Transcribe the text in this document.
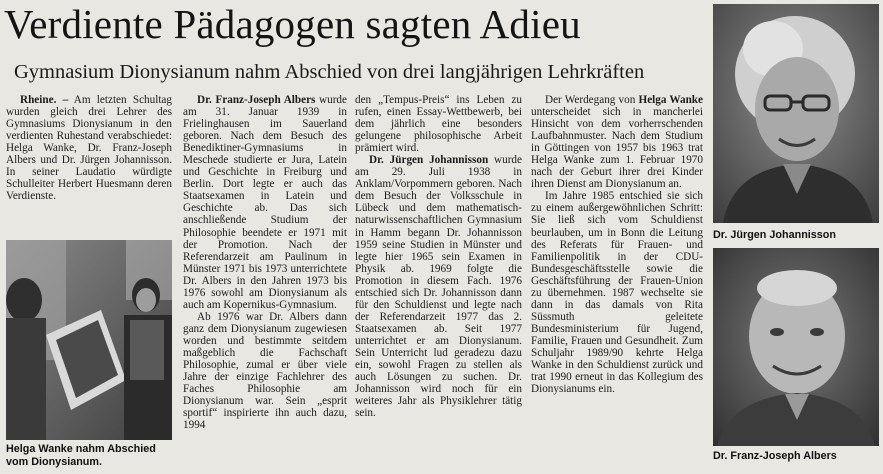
Verdiente Pädagogen sagten Adieu
Gymnasium Dionysianum nahm Abschied von drei langjährigen Lehrkräften

Rheine. – Am letzten Schultag wurden gleich drei Lehrer des Gymnasiums Dionysianum in den verdienten Ruhestand verabschiedet: Helga Wanke, Dr. Franz-Joseph Albers und Dr. Jürgen Johannisson. In seiner Laudatio würdigte Schulleiter Herbert Huesmann deren Verdienste.

Helga Wanke nahm Abschied vom Dionysianum.

Dr. Franz-Joseph Albers wurde am 31. Januar 1939 in Frielinghausen im Sauerland geboren. Nach dem Besuch des Benediktiner-Gymnasiums in Meschede studierte er Jura, Latein und Geschichte in Freiburg und Berlin. Dort legte er auch das Staatsexamen in Latein und Geschichte ab. Das sich anschließende Studium der Philosophie beendete er 1971 mit der Promotion. Nach der Referendarzeit am Paulinum in Münster 1971 bis 1973 unterrichtete Dr. Albers in den Jahren 1973 bis 1976 sowohl am Dionysianum als auch am Kopernikus-Gymnasium.

Ab 1976 war Dr. Albers dann ganz dem Dionysianum zugewiesen worden und bestimmte seitdem maßgeblich die Fachschaft Philosophie, zumal er über viele Jahre der einzige Fachlehrer des Faches Philosophie am Dionysianum war. Sein „esprit sportif“ inspirierte ihn auch dazu, 1994

den „Tempus-Preis“ ins Leben zu rufen, einen Essay-Wettbewerb, bei dem jährlich eine besonders gelungene philosophische Arbeit prämiert wird.

Dr. Jürgen Johannisson wurde am 29. Juli 1938 in Anklam/Vorpommern geboren. Nach dem Besuch der Volksschule in Lübeck und dem mathematisch-naturwissenschaftlichen Gymnasium in Hamm begann Dr. Johannisson 1959 seine Studien in Münster und legte hier 1965 sein Examen in Physik ab. 1969 folgte die Promotion in diesem Fach. 1976 entschied sich Dr. Johannisson dann für den Schuldienst und legte nach der Referendarzeit 1977 das 2. Staatsexamen ab. Seit 1977 unterrichtet er am Dionysianum. Sein Unterricht lud geradezu dazu ein, sowohl Fragen zu stellen als auch Lösungen zu suchen. Dr. Johannisson wird noch für ein weiteres Jahr als Physiklehrer tätig sein.

Der Werdegang von Helga Wanke unterscheidet sich in mancherlei Hinsicht von dem vorherrschenden Laufbahnmuster. Nach dem Studium in Göttingen von 1957 bis 1963 trat Helga Wanke zum 1. Februar 1970 nach der Geburt ihrer drei Kinder ihren Dienst am Dionysianum an.

Im Jahre 1985 entschied sie sich zu einem außergewöhnlichen Schritt: Sie ließ sich vom Schuldienst beurlauben, um in Bonn die Leitung des Referats für Frauen- und Familienpolitik in der CDU-Bundesgeschäftsstelle sowie die Geschäftsführung der Frauen-Union zu übernehmen. 1987 wechselte sie dann in das damals von Rita Süssmuth geleitete Bundesministerium für Jugend, Familie, Frauen und Gesundheit. Zum Schuljahr 1989/90 kehrte Helga Wanke in den Schuldienst zurück und trat 1990 erneut in das Kollegium des Dionysianums ein.

Dr. Jürgen Johannisson
Dr. Franz-Joseph Albers
